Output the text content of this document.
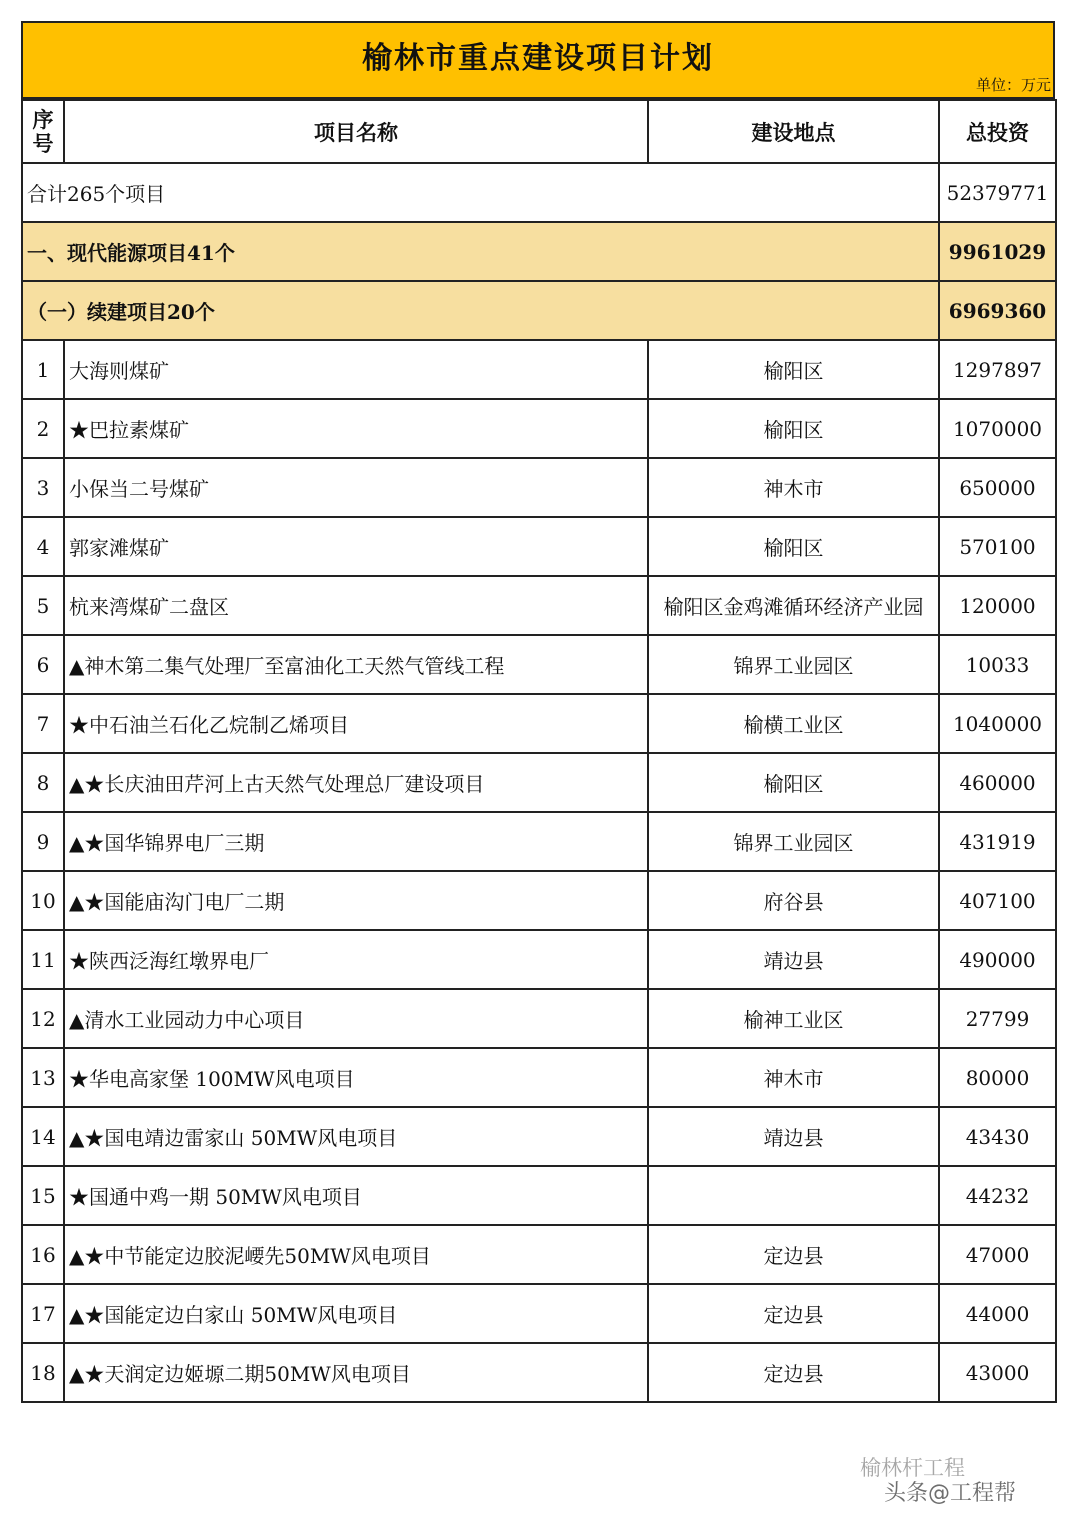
榆林市重点建设项目计划
单位：万元
序号	项目名称	建设地点	总投资
合计265个项目			52379771
一、现代能源项目41个			9961029
（一）续建项目20个			6969360
1	大海则煤矿	榆阳区	1297897
2	★巴拉素煤矿	榆阳区	1070000
3	小保当二号煤矿	神木市	650000
4	郭家滩煤矿	榆阳区	570100
5	杭来湾煤矿二盘区	榆阳区金鸡滩循环经济产业园	120000
6	▲神木第二集气处理厂至富油化工天然气管线工程	锦界工业园区	10033
7	★中石油兰石化乙烷制乙烯项目	榆横工业区	1040000
8	▲★长庆油田芹河上古天然气处理总厂建设项目	榆阳区	460000
9	▲★国华锦界电厂三期	锦界工业园区	431919
10	▲★国能庙沟门电厂二期	府谷县	407100
11	★陕西泛海红墩界电厂	靖边县	490000
12	▲清水工业园动力中心项目	榆神工业区	27799
13	★华电高家堡 100MW风电项目	神木市	80000
14	▲★国电靖边雷家山 50MW风电项目	靖边县	43430
15	★国通中鸡一期 50MW风电项目		44232
16	▲★中节能定边胶泥崾先50MW风电项目	定边县	47000
17	▲★国能定边白家山 50MW风电项目	定边县	44000
18	▲★天润定边姬塬二期50MW风电项目	定边县	43000
榆林杆工程
头条@工程帮
